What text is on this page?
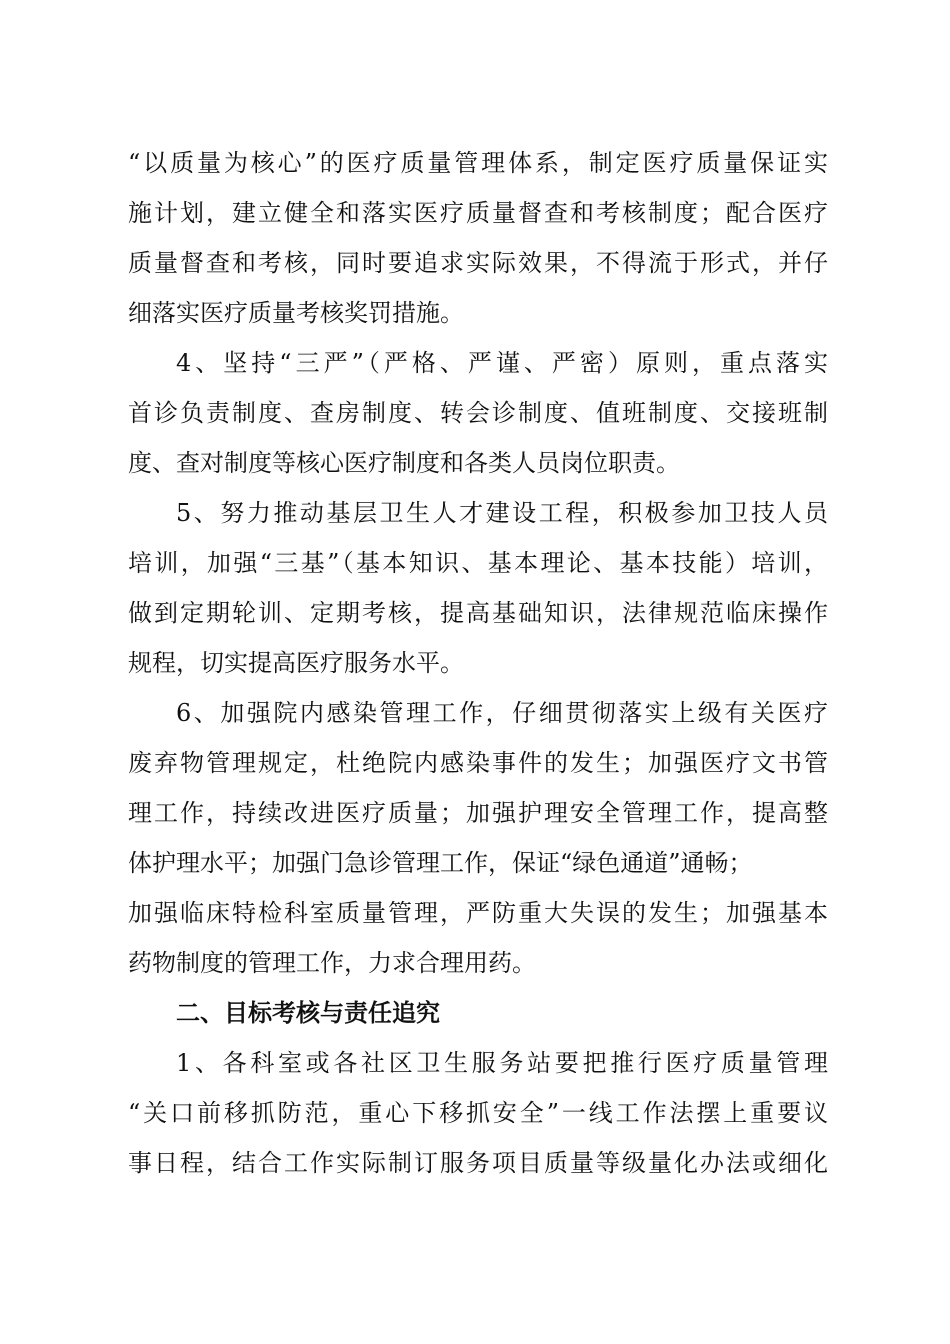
“以质量为核心”的医疗质量管理体系，制定医疗质量保证实
施计划，建立健全和落实医疗质量督查和考核制度；配合医疗
质量督查和考核，同时要追求实际效果，不得流于形式，并仔
细落实医疗质量考核奖罚措施。
4、坚持“三严”（严格、严谨、严密）原则，重点落实
首诊负责制度、查房制度、转会诊制度、值班制度、交接班制
度、查对制度等核心医疗制度和各类人员岗位职责。
5、努力推动基层卫生人才建设工程，积极参加卫技人员
培训，加强“三基”（基本知识、基本理论、基本技能）培训，
做到定期轮训、定期考核，提高基础知识，法律规范临床操作
规程，切实提高医疗服务水平。
6、加强院内感染管理工作，仔细贯彻落实上级有关医疗
废弃物管理规定，杜绝院内感染事件的发生；加强医疗文书管
理工作，持续改进医疗质量；加强护理安全管理工作，提高整
体护理水平；加强门急诊管理工作，保证“绿色通道”通畅；
加强临床特检科室质量管理，严防重大失误的发生；加强基本
药物制度的管理工作，力求合理用药。
二、目标考核与责任追究
1、各科室或各社区卫生服务站要把推行医疗质量管理
“关口前移抓防范，重心下移抓安全”一线工作法摆上重要议
事日程，结合工作实际制订服务项目质量等级量化办法或细化
